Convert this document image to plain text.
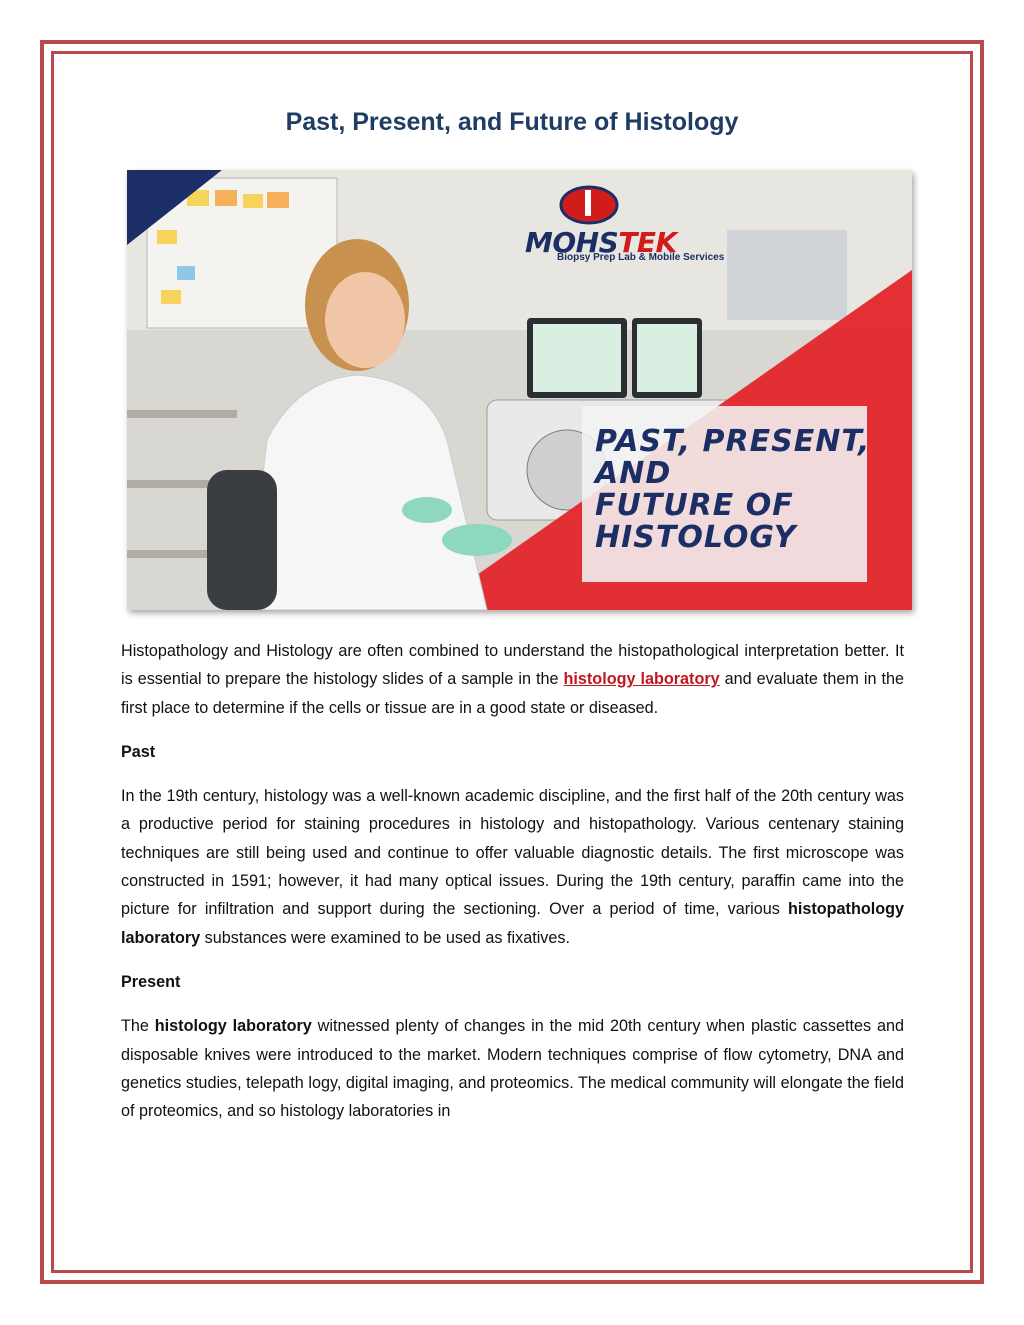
Past, Present, and Future of Histology
MOHSTEK
Biopsy Prep Lab & Mobile Services
PAST, PRESENT,
AND
FUTURE OF
HISTOLOGY

Histopathology and Histology are often combined to understand the histopathological interpretation better. It is essential to prepare the histology slides of a sample in the histology laboratory and evaluate them in the first place to determine if the cells or tissue are in a good state or diseased.

Past

In the 19th century, histology was a well-known academic discipline, and the first half of the 20th century was a productive period for staining procedures in histology and histopathology. Various centenary staining techniques are still being used and continue to offer valuable diagnostic details. The first microscope was constructed in 1591; however, it had many optical issues. During the 19th century, paraffin came into the picture for infiltration and support during the sectioning. Over a period of time, various histopathology laboratory substances were examined to be used as fixatives.

Present

The histology laboratory witnessed plenty of changes in the mid 20th century when plastic cassettes and disposable knives were introduced to the market. Modern techniques comprise of flow cytometry, DNA and genetics studies, telepath logy, digital imaging, and proteomics. The medical community will elongate the field of proteomics, and so histology laboratories in
